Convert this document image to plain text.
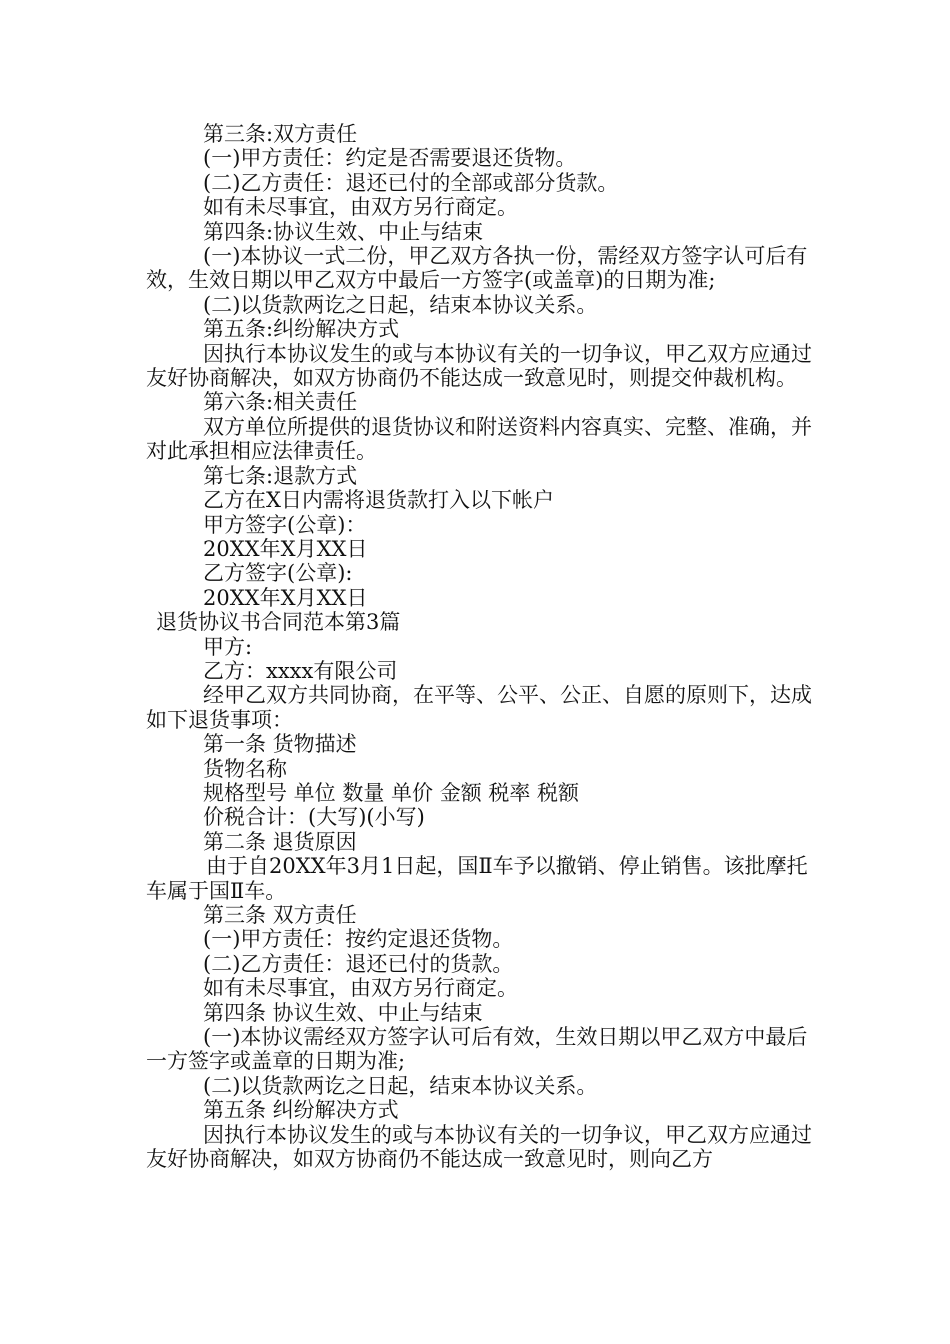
第三条:双方责任

(一)甲方责任：约定是否需要退还货物。

(二)乙方责任：退还已付的全部或部分货款。

如有未尽事宜，由双方另行商定。

第四条:协议生效、中止与结束

(一)本协议一式二份，甲乙双方各执一份，需经双方签字认可后有效，生效日期以甲乙双方中最后一方签字(或盖章)的日期为准;

(二)以货款两讫之日起，结束本协议关系。

第五条:纠纷解决方式

因执行本协议发生的或与本协议有关的一切争议，甲乙双方应通过友好协商解决，如双方协商仍不能达成一致意见时，则提交仲裁机构。

第六条:相关责任

双方单位所提供的退货协议和附送资料内容真实、完整、准确，并对此承担相应法律责任。

第七条:退款方式

乙方在X日内需将退货款打入以下帐户

甲方签字(公章)：

20XX年X月XX日

乙方签字(公章):

20XX年X月XX日

退货协议书合同范本第3篇

甲方:

乙方：xxxx有限公司

经甲乙双方共同协商，在平等、公平、公正、自愿的原则下，达成如下退货事项：

第一条 货物描述

货物名称

规格型号 单位 数量 单价 金额 税率 税额

价税合计：(大写)(小写)

第二条 退货原因

由于自20XX年3月1日起，国Ⅱ车予以撤销、停止销售。该批摩托车属于国Ⅱ车。

第三条 双方责任

(一)甲方责任：按约定退还货物。

(二)乙方责任：退还已付的货款。

如有未尽事宜，由双方另行商定。

第四条 协议生效、中止与结束

(一)本协议需经双方签字认可后有效，生效日期以甲乙双方中最后一方签字或盖章的日期为准;

(二)以货款两讫之日起，结束本协议关系。

第五条 纠纷解决方式

因执行本协议发生的或与本协议有关的一切争议，甲乙双方应通过友好协商解决，如双方协商仍不能达成一致意见时，则向乙方
